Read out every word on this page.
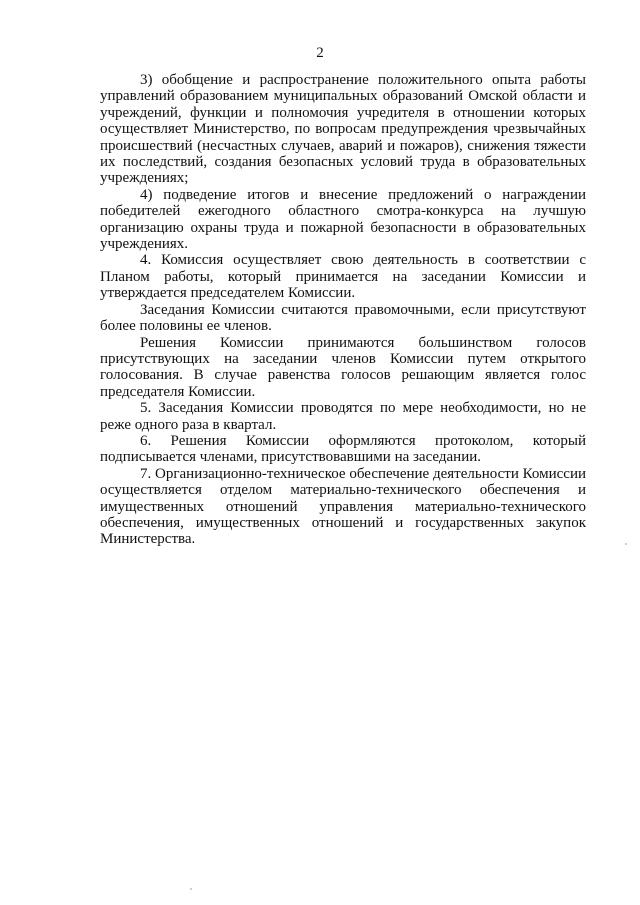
2

3) обобщение и распространение положительного опыта работы управлений образованием муниципальных образований Омской области и учреждений, функции и полномочия учредителя в отношении которых осуществляет Министерство, по вопросам предупреждения чрезвычайных происшествий (несчастных случаев, аварий и пожаров), снижения тяжести их последствий, создания безопасных условий труда в образовательных учреждениях;

4) подведение итогов и внесение предложений о награждении победителей ежегодного областного смотра-конкурса на лучшую организацию охраны труда и пожарной безопасности в образовательных учреждениях.

4. Комиссия осуществляет свою деятельность в соответствии с Планом работы, который принимается на заседании Комиссии и утверждается председателем Комиссии.

Заседания Комиссии считаются правомочными, если присутствуют более половины ее членов.

Решения Комиссии принимаются большинством голосов присутствующих на заседании членов Комиссии путем открытого голосования. В случае равенства голосов решающим является голос председателя Комиссии.

5. Заседания Комиссии проводятся по мере необходимости, но не реже одного раза в квартал.

6. Решения Комиссии оформляются протоколом, который подписывается членами, присутствовавшими на заседании.

7. Организационно-техническое обеспечение деятельности Комиссии осуществляется отделом материально-технического обеспечения и имущественных отношений управления материально-технического обеспечения, имущественных отношений и государственных закупок Министерства.
